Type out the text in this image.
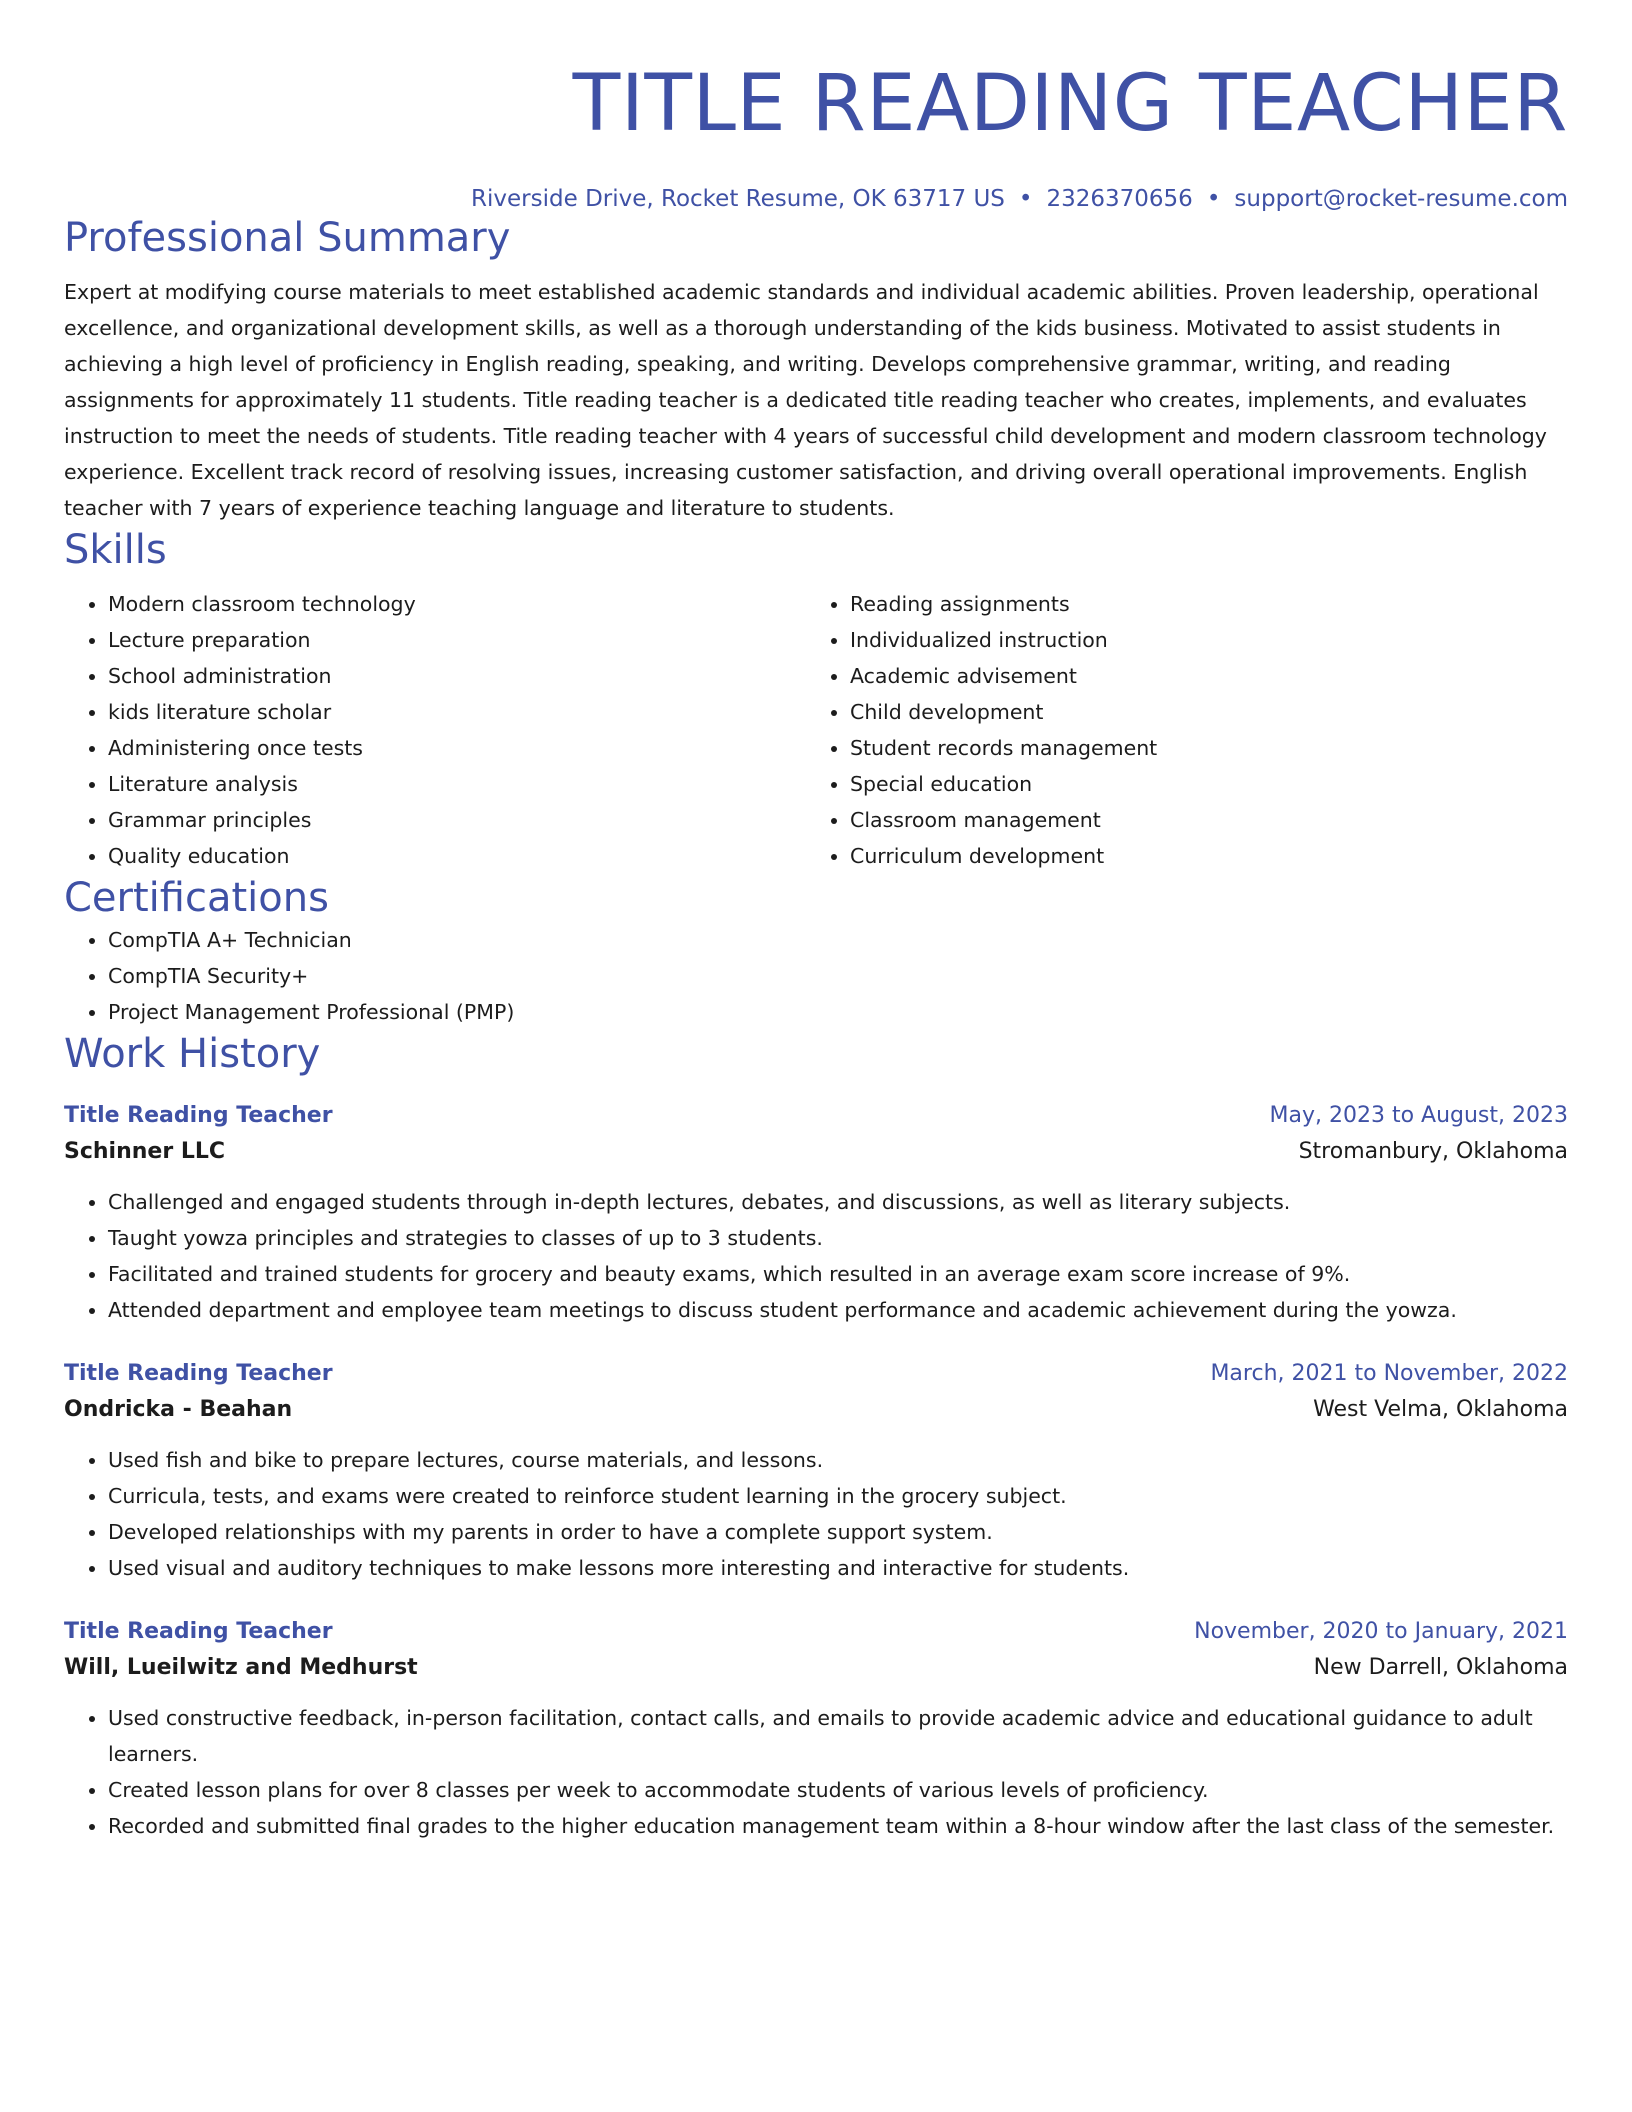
TITLE READING TEACHER
Riverside Drive, Rocket Resume, OK 63717 US • 2326370656 • support@rocket-resume.com
Professional Summary
Expert at modifying course materials to meet established academic standards and individual academic abilities. Proven leadership, operational excellence, and organizational development skills, as well as a thorough understanding of the kids business. Motivated to assist students in achieving a high level of proficiency in English reading, speaking, and writing. Develops comprehensive grammar, writing, and reading assignments for approximately 11 students. Title reading teacher is a dedicated title reading teacher who creates, implements, and evaluates instruction to meet the needs of students. Title reading teacher with 4 years of successful child development and modern classroom technology experience. Excellent track record of resolving issues, increasing customer satisfaction, and driving overall operational improvements. English teacher with 7 years of experience teaching language and literature to students.
Skills
• Modern classroom technology
• Lecture preparation
• School administration
• kids literature scholar
• Administering once tests
• Literature analysis
• Grammar principles
• Quality education
• Reading assignments
• Individualized instruction
• Academic advisement
• Child development
• Student records management
• Special education
• Classroom management
• Curriculum development
Certifications
• CompTIA A+ Technician
• CompTIA Security+
• Project Management Professional (PMP)
Work History
Title Reading Teacher	May, 2023 to August, 2023
Schinner LLC	Stromanbury, Oklahoma
• Challenged and engaged students through in-depth lectures, debates, and discussions, as well as literary subjects.
• Taught yowza principles and strategies to classes of up to 3 students.
• Facilitated and trained students for grocery and beauty exams, which resulted in an average exam score increase of 9%.
• Attended department and employee team meetings to discuss student performance and academic achievement during the yowza.
Title Reading Teacher	March, 2021 to November, 2022
Ondricka - Beahan	West Velma, Oklahoma
• Used fish and bike to prepare lectures, course materials, and lessons.
• Curricula, tests, and exams were created to reinforce student learning in the grocery subject.
• Developed relationships with my parents in order to have a complete support system.
• Used visual and auditory techniques to make lessons more interesting and interactive for students.
Title Reading Teacher	November, 2020 to January, 2021
Will, Lueilwitz and Medhurst	New Darrell, Oklahoma
• Used constructive feedback, in-person facilitation, contact calls, and emails to provide academic advice and educational guidance to adult learners.
• Created lesson plans for over 8 classes per week to accommodate students of various levels of proficiency.
• Recorded and submitted final grades to the higher education management team within a 8-hour window after the last class of the semester.
